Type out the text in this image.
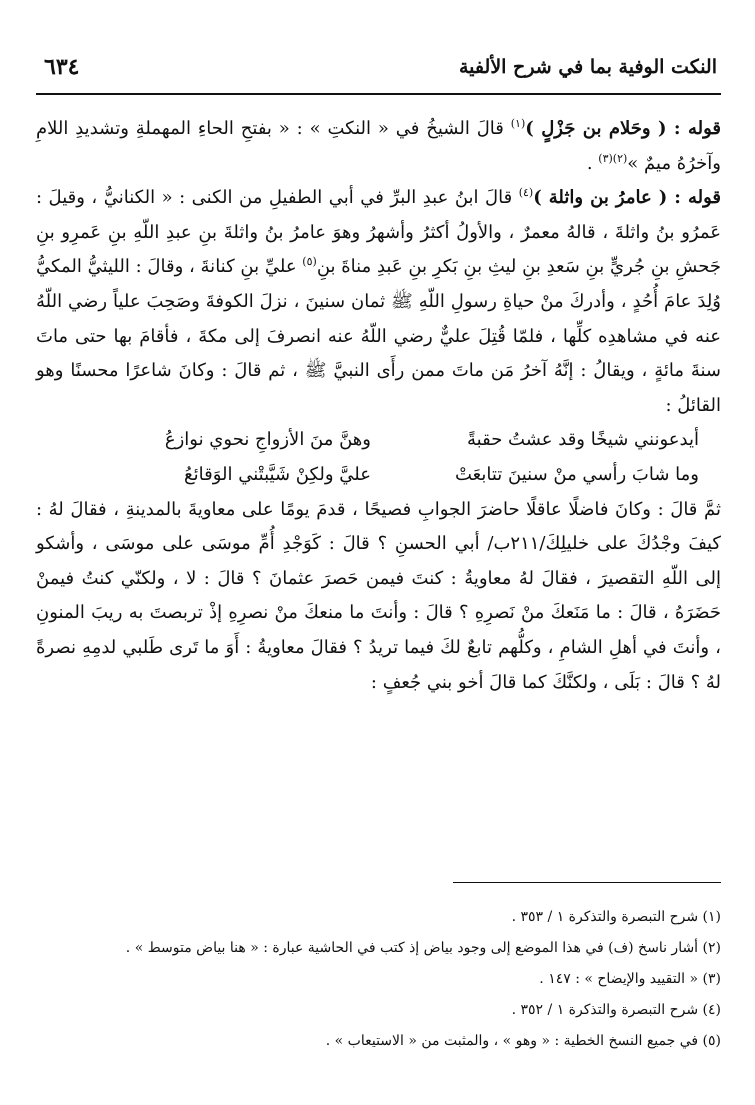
النكت الوفية بما في شرح الألفية
٦٣٤

قوله : ( وحَلام بن جَزْلٍ )$^{(١)}$ قالَ الشيخُ في « النكتِ » : « بفتحِ الحاءِ المهملةِ وتشديدِ اللامِ وآخرُهُ ميمٌ »$^{(٢)(٣)}$ .

قوله : ( عامرُ بن واثلة )$^{(٤)}$ قالَ ابنُ عبدِ البرِّ في أبي الطفيلِ من الكنى : « الكنانيُّ ، وقيلَ : عَمرُو بنُ واثلةَ ، قالهُ معمرٌ ، والأولُ أكثرُ وأشهرُ وهوَ عامرُ بنُ واثلةَ بنِ عبدِ اللّهِ بنِ عَمرِو بنِ جَحشِ بنِ جُريٍّ بنِ سَعدِ بنِ ليثِ بنِ بَكرِ بنِ عَبدِ مناةَ بنِ$^{(٥)}$ عليِّ بنِ كنانةَ ، وقالَ : الليثيُّ المكيُّ وُلِدَ عامَ أُحُدٍ ، وأدركَ منْ حياةِ رسولِ اللّهِ ﷺ ثمان سنينَ ، نزلَ الكوفةَ وصَحِبَ علياً رضي اللّهُ عنه في مشاهدِه كلِّها ، فلمّا قُتِلَ عليٌّ رضي اللّهُ عنه انصرفَ إلى مكةَ ، فأقامَ بها حتى ماتَ سنةَ مائةٍ ، ويقالُ : إنَّهُ آخرُ مَن ماتَ ممن رأَى النبيَّ ﷺ ، ثم قالَ : وكانَ شاعرًا محسنًا وهو القائلُ :

أيدعونني شيخًا وقد عشتُ حقبةً
وهنَّ منَ الأزواجِ نحوي نوازعُ
وما شابَ رأسي منْ سنينَ تتابعَتْ
عليَّ ولكِنْ شَيَّبتْني الوَقائعُ

ثمَّ قالَ : وكانَ فاضلًا عاقلًا حاضرَ الجوابِ فصيحًا ، قدمَ يومًا على معاويةَ بالمدينةِ ، فقالَ لهُ : كيفَ وجْدُكَ على خليلِكَ/٢١١ب/ أبي الحسنِ ؟ قالَ : كَوَجْدِ أُمِّ موسَى على موسَى ، وأشكو إلى اللّهِ التقصيرَ ، فقالَ لهُ معاويةُ : كنتَ فيمن حَصرَ عثمانَ ؟ قالَ : لا ، ولكنّي كنتُ فيمنْ حَضَرَهُ ، قالَ : ما مَنَعكَ منْ نَصرِهِ ؟ قالَ : وأنتَ ما منعكَ منْ نصرِهِ إذْ تربصتَ به ريبَ المنونِ ، وأنتَ في أهلِ الشامِ ، وكلُّهم تابعٌ لكَ فيما تريدُ ؟ فقالَ معاويةُ : أَوَ ما تَرى طَلبي لدمِهِ نصرةً لهُ ؟ قالَ : بَلَى ، ولكنَّكَ كما قالَ أخو بني جُعفٍ :

(١) شرح التبصرة والتذكرة ١ / ٣٥٣ .

(٢) أشار ناسخ (ف) في هذا الموضع إلى وجود بياض إذ كتب في الحاشية عبارة : « هنا بياض متوسط » .

(٣) « التقييد والإيضاح » : ١٤٧ .

(٤) شرح التبصرة والتذكرة ١ / ٣٥٢ .

(٥) في جميع النسخ الخطية : « وهو » ، والمثبت من « الاستيعاب » .
